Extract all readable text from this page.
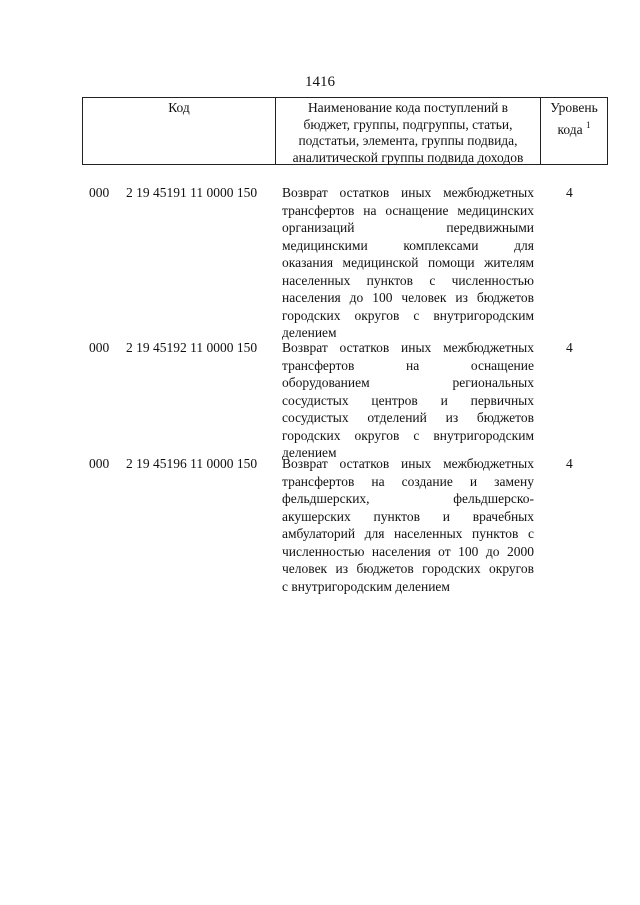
1416
Код	Наименование кода поступлений в
бюджет, группы, подгруппы, статьи,
подстатьи, элемента, группы подвида,
аналитической группы подвида доходов
Уровень
кода $^1$
000 2 19 45191 11 0000 150 Возврат остатков иных межбюджетных
трансфертов на оснащение медицинских
организаций передвижными
медицинскими комплексами для
оказания медицинской помощи жителям
населенных пунктов с численностью
населения до 100 человек из бюджетов
городских округов с внутригородским
делением
4
000 2 19 45192 11 0000 150 Возврат остатков иных межбюджетных
трансфертов на оснащение
оборудованием региональных
сосудистых центров и первичных
сосудистых отделений из бюджетов
городских округов с внутригородским
делением
4
000 2 19 45196 11 0000 150 Возврат остатков иных межбюджетных
трансфертов на создание и замену
фельдшерских, фельдшерско-
акушерских пунктов и врачебных
амбулаторий для населенных пунктов с
численностью населения от 100 до 2000
человек из бюджетов городских округов
с внутригородским делением
4
